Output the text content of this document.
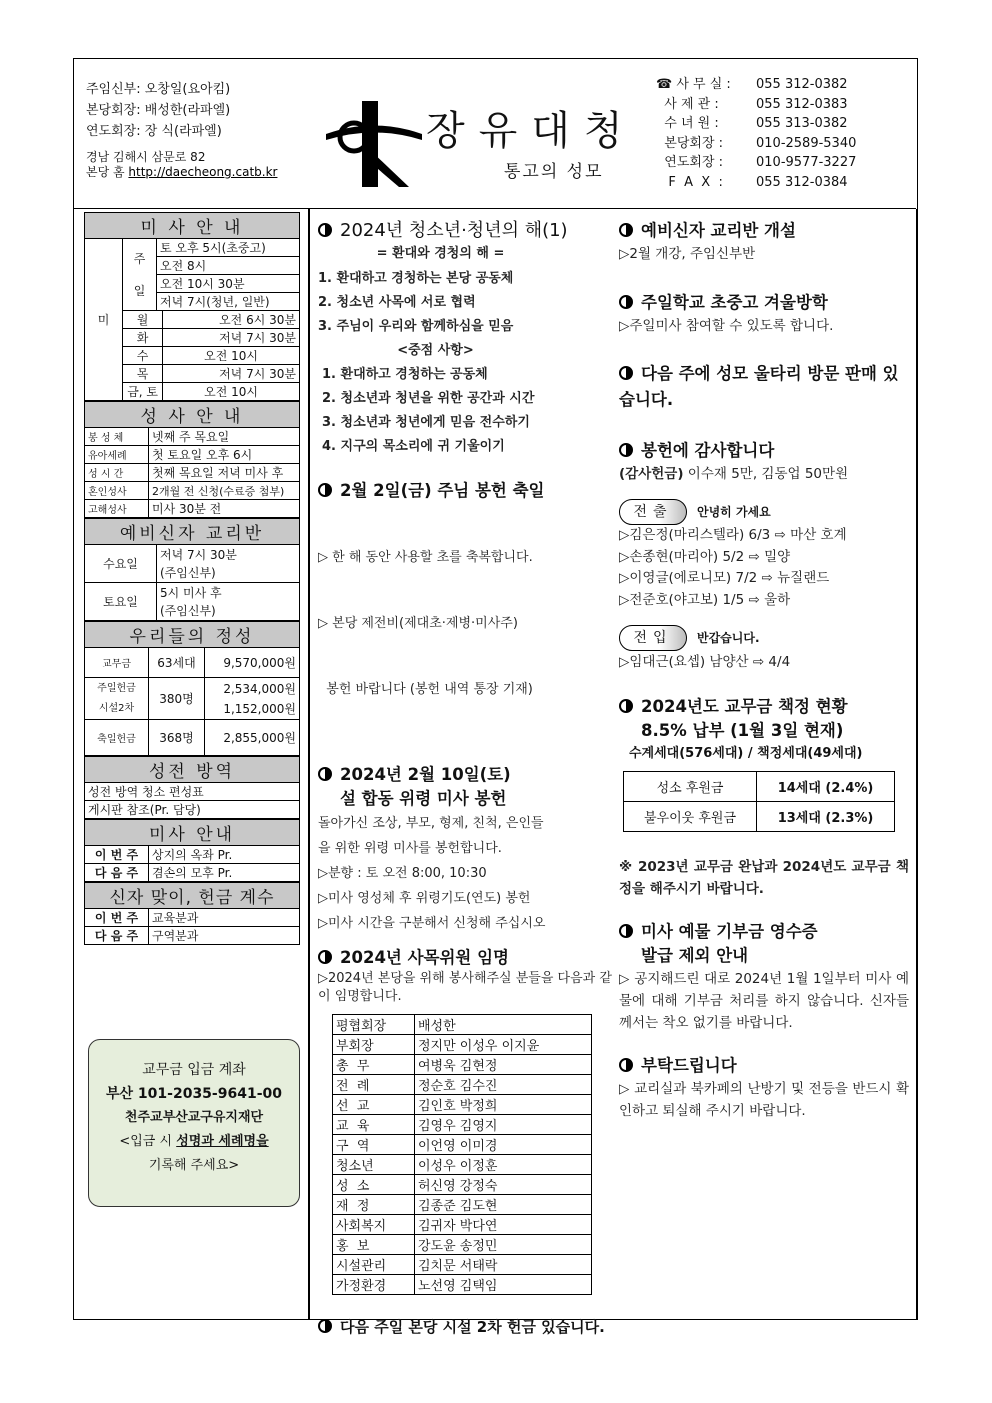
주임신부: 오창일(요아킴)
본당회장: 배성한(라파엘)
연도회장: 장 식(라파엘)
경남 김해시 삼문로 82
본당 홈 http://daecheong.catb.kr
장유대청
통고의 성모
☎ 사 무 실 :	055 312-0382
사 제 관 :	055 312-0383
수 녀 원 :	055 313-0382
본당회장 :	010-2589-5340
연도회장 :	010-9577-3227
F  A  X  :	055 312-0384
미 사 안 내			
미	주
일	토 오후 5시(초중고)	
		오전 8시	
		오전 10시 30분	
		저녁 7시(청년, 일반)	
	월		오전 6시 30분
	화		저녁 7시 30분
	수		오전 10시
	목		저녁 7시 30분
	금, 토		오전 10시
성 사 안 내	
봉 성 체	넷째 주 목요일
유아세례	첫 토요일 오후 6시
성 시 간	첫째 목요일 저녁 미사 후
혼인성사	2개월 전 신청(수료증 첨부)
고해성사	미사 30분 전
예비신자 교리반	
수요일	저녁 7시 30분
(주임신부)
토요일	5시 미사 후
(주임신부)
우리들의 정성		
교무금	63세대	9,570,000원
주일헌금
시설2차	380명	2,534,000원
1,152,000원
축일헌금	368명	2,855,000원
성전 방역
성전 방역 청소 편성표
게시판 참조(Pr. 담당)
미사 안내	
이 번 주	상지의 옥좌 Pr.
다 음 주	겸손의 모후 Pr.
신자 맞이, 헌금 계수	
이 번 주	교육분과
다 음 주	구역분과
교무금 입금 계좌
부산 101-2035-9641-00
천주교부산교구유지재단
<입금 시 성명과 세례명을
기록해 주세요>
2024년 청소년·청년의 해(1)
= 환대와 경청의 해 =
1. 환대하고 경청하는 본당 공동체
2. 청소년 사목에 서로 협력
3. 주님이 우리와 함께하심을 믿음
<중점 사항>
1. 환대하고 경청하는 공동체
2. 청소년과 청년을 위한 공간과 시간
3. 청소년과 청년에게 믿음 전수하기
4. 지구의 목소리에 귀 기울이기
2월 2일(금) 주님 봉헌 축일

▷ 한 해 동안 사용할 초를 축복합니다.

▷ 본당 제전비(제대초·제병·미사주)

봉헌 바랍니다 (봉헌 내역 통장 기재)

2024년 2월 10일(토)
설 합동 위령 미사 봉헌
돌아가신 조상, 부모, 형제, 친척, 은인들
을 위한 위령 미사를 봉헌합니다.
▷분향 : 토 오전 8:00, 10:30
▷미사 영성체 후 위령기도(연도) 봉헌
▷미사 시간을 구분해서 신청해 주십시오
2024년 사목위원 임명
▷2024년 본당을 위해 봉사해주실 분들을 다음과 같이 임명합니다.
평협회장	배성한
부회장	정지만 이성우 이지윤
총  무	여병욱 김현정
전  례	정순호 김수진
선  교	김인호 박정희
교  육	김영우 김영지
구  역	이언영 이미경
청소년	이성우 이정훈
성  소	허신영 강정숙
재  정	김종준 김도현
사회복지	김귀자 박다연
홍  보	강도윤 송정민
시설관리	김치문 서태락
가정환경	노선영 김택임
다음 주일 본당 시설 2차 헌금 있습니다.
예비신자 교리반 개설
▷2월 개강, 주임신부반
주일학교 초중고 겨울방학
▷주일미사 참여할 수 있도록 합니다.
다음 주에 성모 울타리 방문 판매 있습니다.
봉헌에 감사합니다
(감사헌금) 이수재 5만, 김동업 50만원
전출 안녕히 가세요
▷김은정(마리스텔라) 6/3 ⇨ 마산 호계
▷손종현(마리아) 5/2 ⇨ 밀양
▷이영글(에로니모) 7/2 ⇨ 뉴질랜드
▷전준호(야고보) 1/5 ⇨ 울하
전입 반갑습니다.
▷임대근(요셉) 남양산 ⇨ 4/4
2024년도 교무금 책정 현황
8.5% 납부 (1월 3일 현재)
수계세대(576세대) / 책정세대(49세대)
성소 후원금	14세대 (2.4%)
불우이웃 후원금	13세대 (2.3%)
※ 2023년 교무금 완납과 2024년도 교무금 책정을 해주시기 바랍니다.
미사 예물 기부금 영수증
발급 제외 안내
▷ 공지해드린 대로 2024년 1월 1일부터 미사 예물에 대해 기부금 처리를 하지 않습니다. 신자들께서는 착오 없기를 바랍니다.
부탁드립니다
▷ 교리실과 북카페의 난방기 및 전등을 반드시 확인하고 퇴실해 주시기 바랍니다.
